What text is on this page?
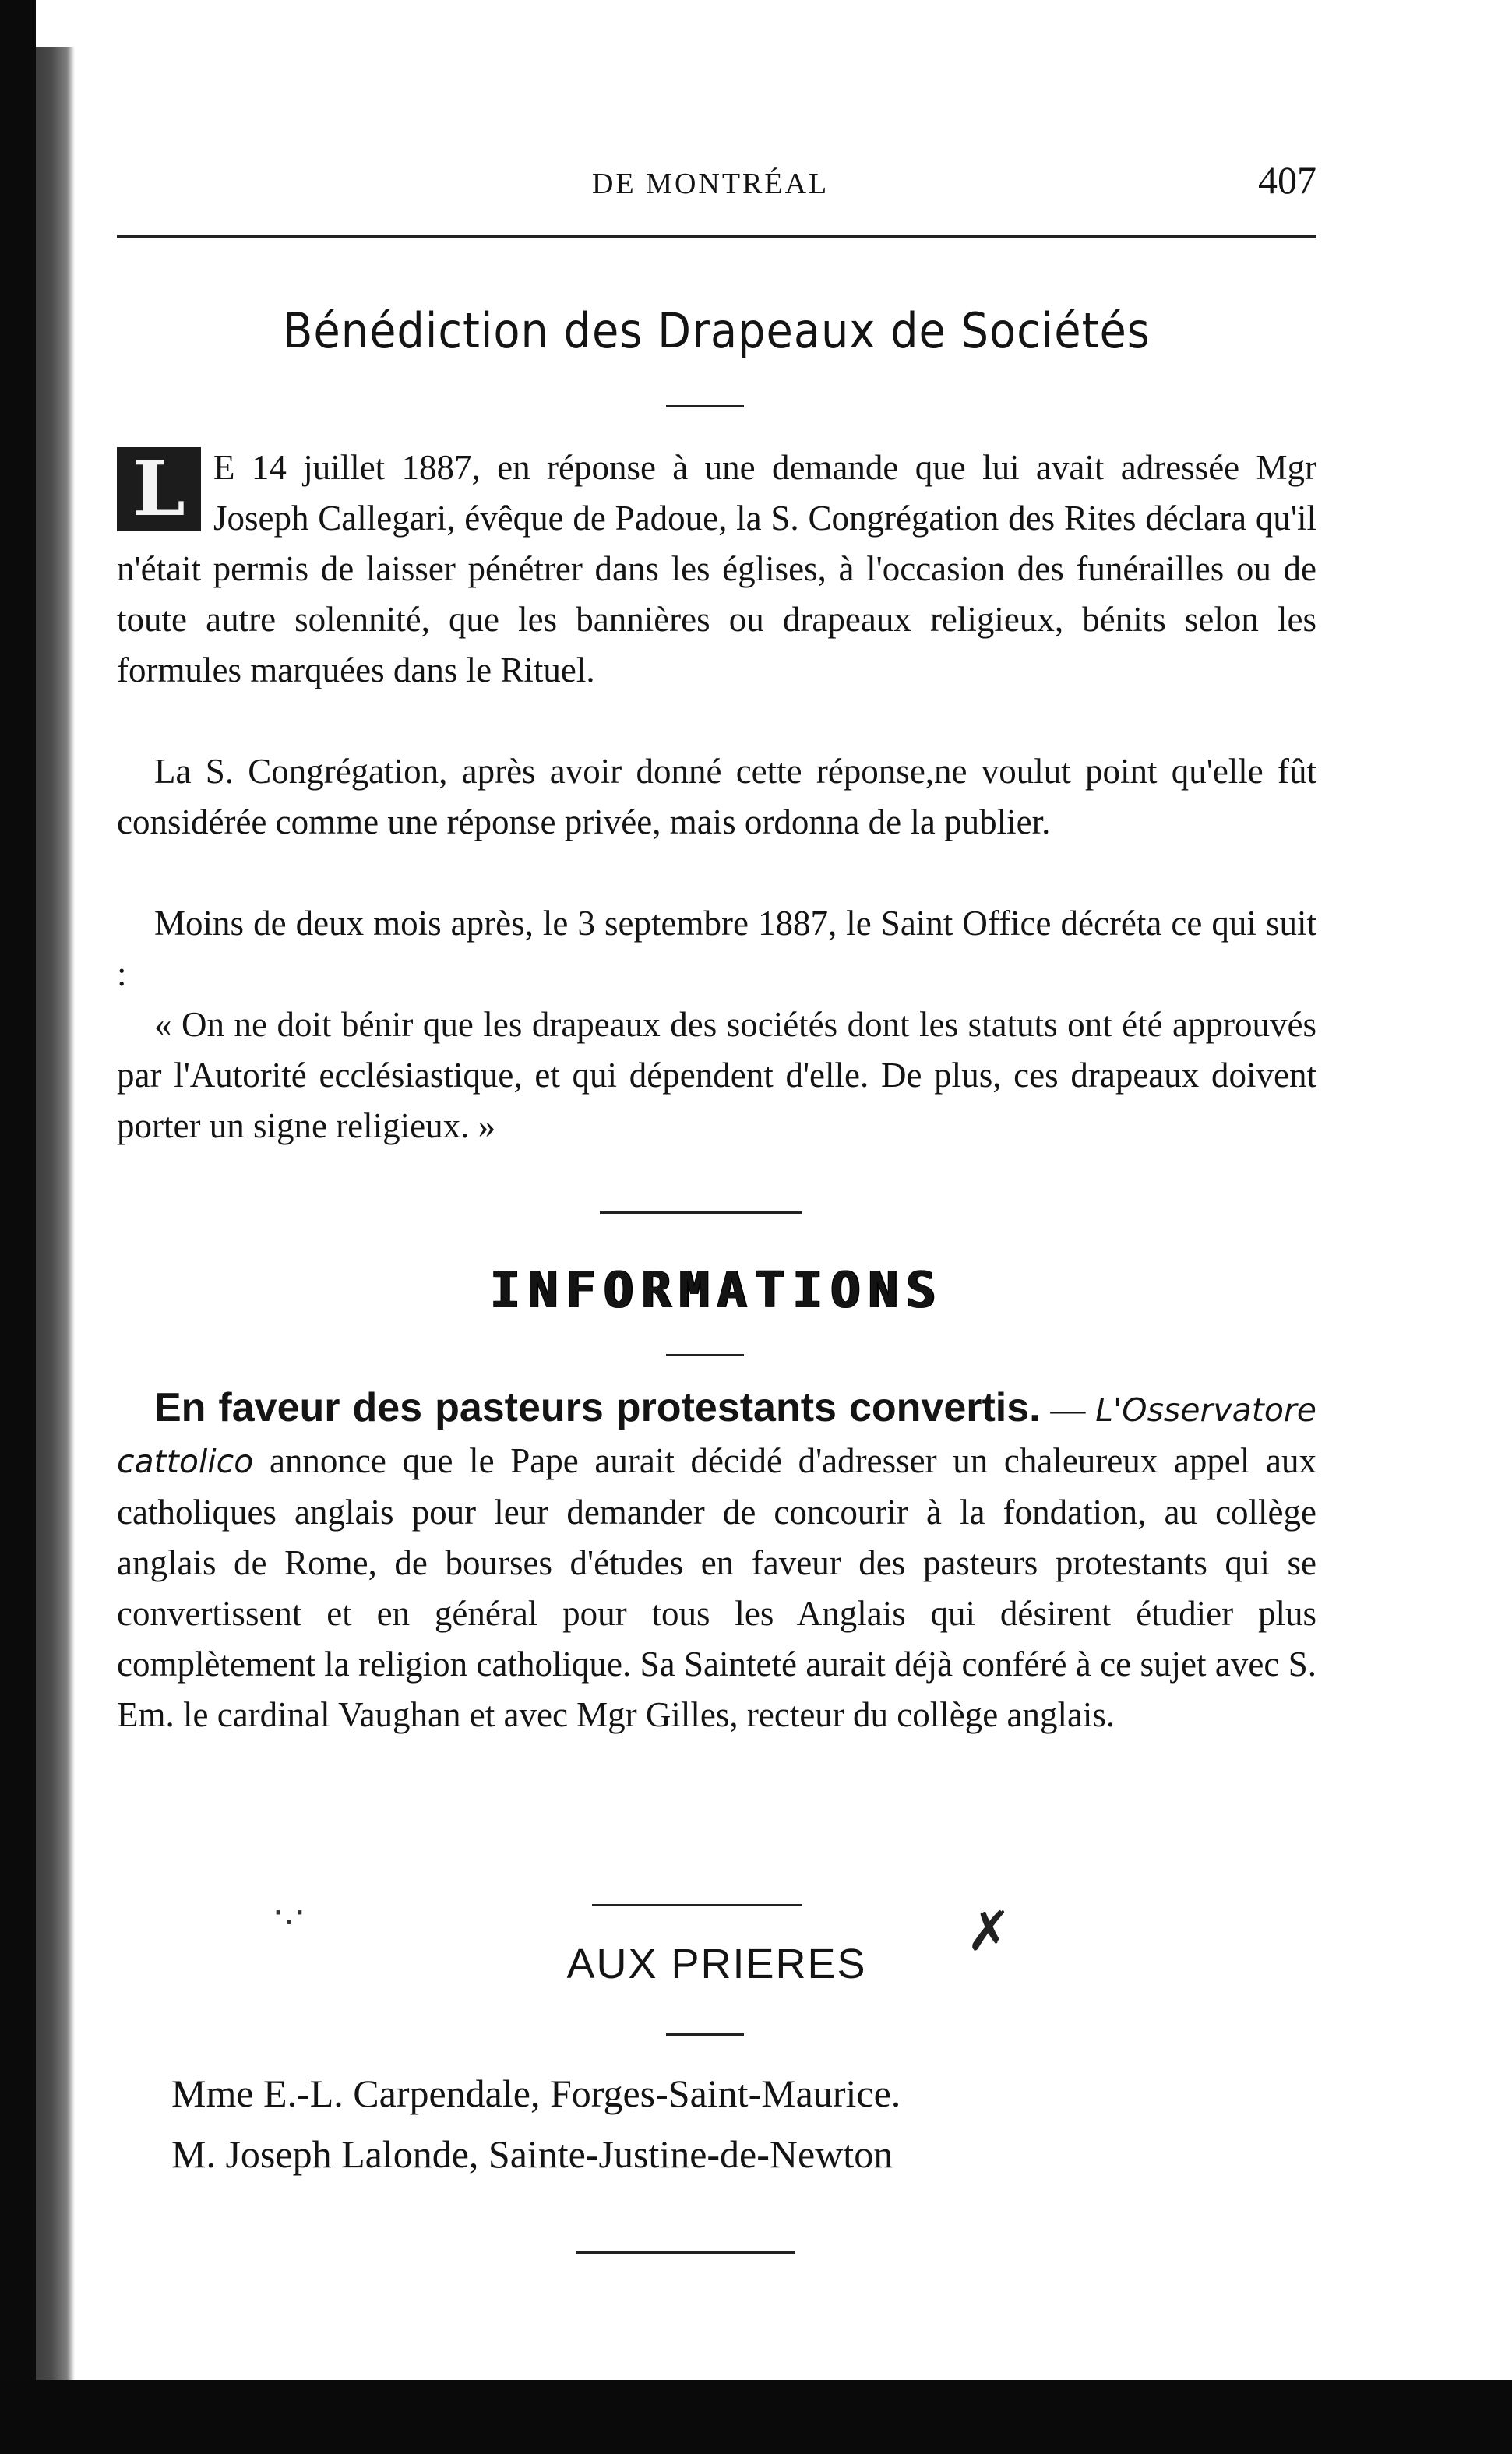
DE MONTRÉAL	407
Bénédiction des Drapeaux de Sociétés
L E 14 juillet 1887, en réponse à une demande que lui avait adressée Mgr Joseph Callegari, évêque de Padoue, la S. Congrégation des Rites déclara qu'il n'était permis de laisser pénétrer dans les églises, à l'occasion des funérailles ou de toute autre solennité, que les bannières ou drapeaux religieux, bénits selon les formules marquées dans le Rituel.
La S. Congrégation, après avoir donné cette réponse,ne voulut point qu'elle fût considérée comme une réponse privée, mais ordonna de la publier.
Moins de deux mois après, le 3 septembre 1887, le Saint Office décréta ce qui suit :
« On ne doit bénir que les drapeaux des sociétés dont les statuts ont été approuvés par l'Autorité ecclésiastique, et qui dépendent d'elle. De plus, ces drapeaux doivent porter un signe religieux. »
INFORMATIONS
En faveur des pasteurs protestants convertis. — L'Osservatore cattolico annonce que le Pape aurait décidé d'adresser un chaleureux appel aux catholiques anglais pour leur demander de concourir à la fondation, au collège anglais de Rome, de bourses d'études en faveur des pasteurs protestants qui se convertissent et en général pour tous les Anglais qui désirent étudier plus complètement la religion catholique. Sa Sainteté aurait déjà conféré à ce sujet avec S. Em. le cardinal Vaughan et avec Mgr Gilles, recteur du collège anglais.
AUX PRIERES
Mme E.-L. Carpendale, Forges-Saint-Maurice.
M. Joseph Lalonde, Sainte-Justine-de-Newton
✗
·.·
